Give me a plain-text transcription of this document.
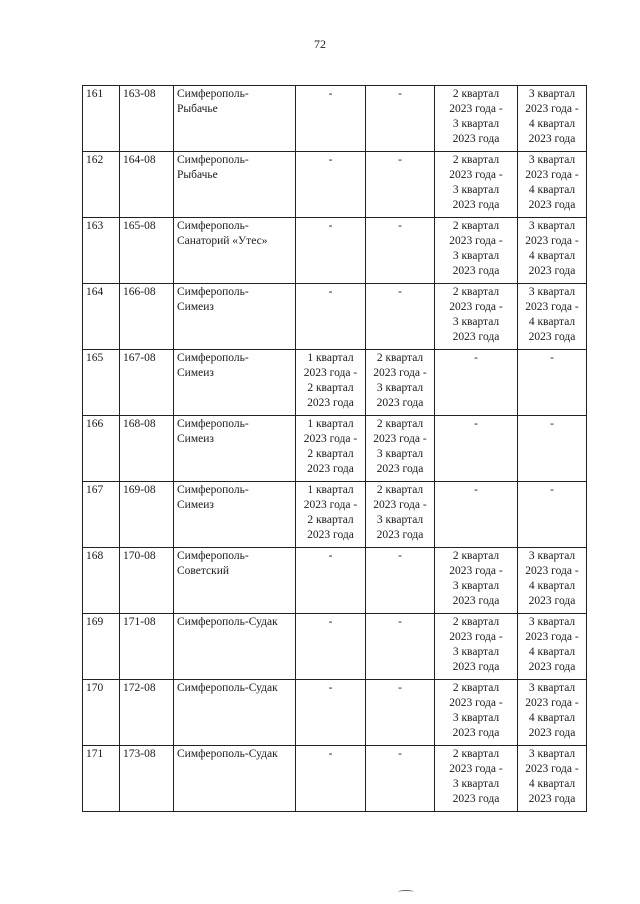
72
161	163-08	Симферополь-
Рыбачье	-	-	2 квартал
2023 года -
3 квартал
2023 года	3 квартал
2023 года -
4 квартал
2023 года
162	164-08	Симферополь-
Рыбачье	-	-	2 квартал
2023 года -
3 квартал
2023 года	3 квартал
2023 года -
4 квартал
2023 года
163	165-08	Симферополь-
Санаторий «Утес»	-	-	2 квартал
2023 года -
3 квартал
2023 года	3 квартал
2023 года -
4 квартал
2023 года
164	166-08	Симферополь-
Симеиз	-	-	2 квартал
2023 года -
3 квартал
2023 года	3 квартал
2023 года -
4 квартал
2023 года
165	167-08	Симферополь-
Симеиз	1 квартал
2023 года -
2 квартал
2023 года	2 квартал
2023 года -
3 квартал
2023 года	-	-
166	168-08	Симферополь-
Симеиз	1 квартал
2023 года -
2 квартал
2023 года	2 квартал
2023 года -
3 квартал
2023 года	-	-
167	169-08	Симферополь-
Симеиз	1 квартал
2023 года -
2 квартал
2023 года	2 квартал
2023 года -
3 квартал
2023 года	-	-
168	170-08	Симферополь-
Советский	-	-	2 квартал
2023 года -
3 квартал
2023 года	3 квартал
2023 года -
4 квартал
2023 года
169	171-08	Симферополь-Судак	-	-	2 квартал
2023 года -
3 квартал
2023 года	3 квартал
2023 года -
4 квартал
2023 года
170	172-08	Симферополь-Судак	-	-	2 квартал
2023 года -
3 квартал
2023 года	3 квартал
2023 года -
4 квартал
2023 года
171	173-08	Симферополь-Судак	-	-	2 квартал
2023 года -
3 квартал
2023 года	3 квартал
2023 года -
4 квартал
2023 года
